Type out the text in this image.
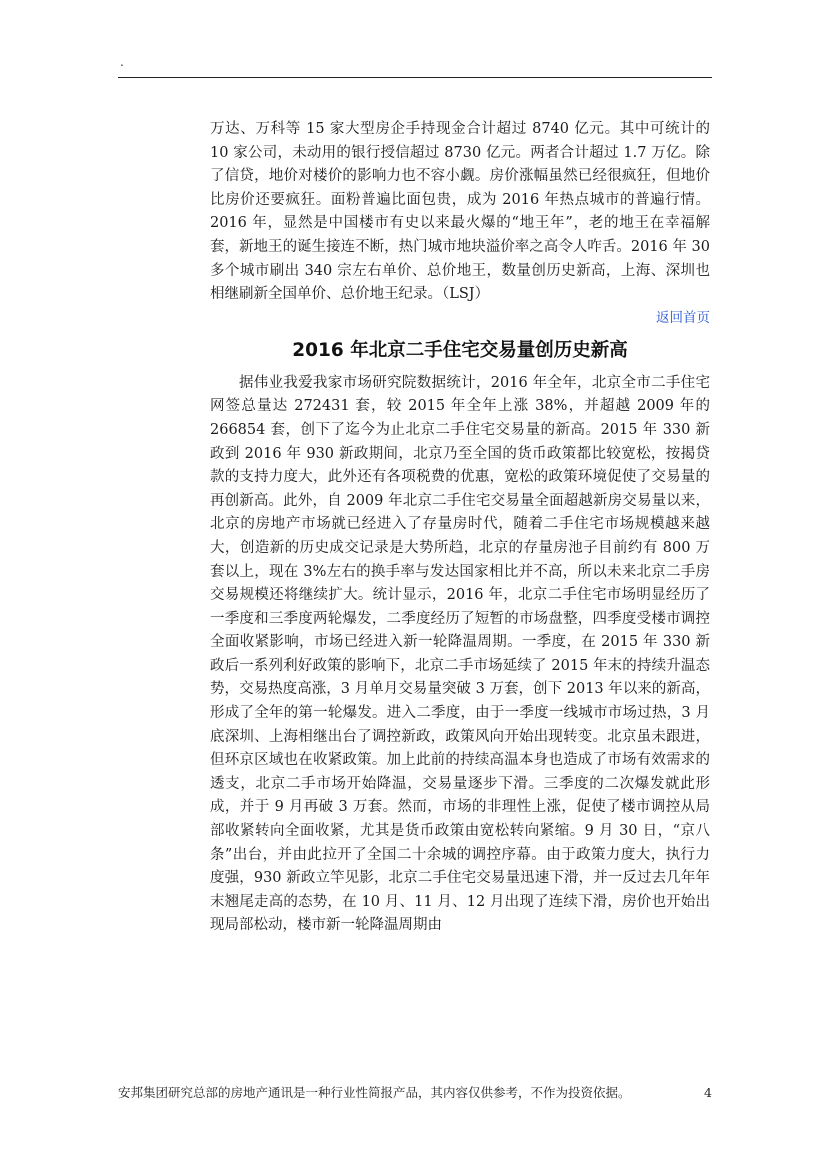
.

万达、万科等 15 家大型房企手持现金合计超过 8740 亿元。其中可统计的 10 家公司，未动用的银行授信超过 8730 亿元。两者合计超过 1.7 万亿。除了信贷，地价对楼价的影响力也不容小觑。房价涨幅虽然已经很疯狂，但地价比房价还要疯狂。面粉普遍比面包贵，成为 2016 年热点城市的普遍行情。2016 年，显然是中国楼市有史以来最火爆的“地王年”，老的地王在幸福解套，新地王的诞生接连不断，热门城市地块溢价率之高令人咋舌。2016 年 30 多个城市刷出 340 宗左右单价、总价地王，数量创历史新高，上海、深圳也相继刷新全国单价、总价地王纪录。（LSJ）

返回首页
2016 年北京二手住宅交易量创历史新高

据伟业我爱我家市场研究院数据统计，2016 年全年，北京全市二手住宅网签总量达 272431 套，较 2015 年全年上涨 38%，并超越 2009 年的 266854 套，创下了迄今为止北京二手住宅交易量的新高。2015 年 330 新政到 2016 年 930 新政期间，北京乃至全国的货币政策都比较宽松，按揭贷款的支持力度大，此外还有各项税费的优惠，宽松的政策环境促使了交易量的再创新高。此外，自 2009 年北京二手住宅交易量全面超越新房交易量以来，北京的房地产市场就已经进入了存量房时代，随着二手住宅市场规模越来越大，创造新的历史成交记录是大势所趋，北京的存量房池子目前约有 800 万套以上，现在 3%左右的换手率与发达国家相比并不高，所以未来北京二手房交易规模还将继续扩大。统计显示，2016 年，北京二手住宅市场明显经历了一季度和三季度两轮爆发，二季度经历了短暂的市场盘整，四季度受楼市调控全面收紧影响，市场已经进入新一轮降温周期。一季度，在 2015 年 330 新政后一系列利好政策的影响下，北京二手市场延续了 2015 年末的持续升温态势，交易热度高涨，3 月单月交易量突破 3 万套，创下 2013 年以来的新高，形成了全年的第一轮爆发。进入二季度，由于一季度一线城市市场过热，3 月底深圳、上海相继出台了调控新政，政策风向开始出现转变。北京虽未跟进，但环京区域也在收紧政策。加上此前的持续高温本身也造成了市场有效需求的透支，北京二手市场开始降温，交易量逐步下滑。三季度的二次爆发就此形成，并于 9 月再破 3 万套。然而，市场的非理性上涨，促使了楼市调控从局部收紧转向全面收紧，尤其是货币政策由宽松转向紧缩。9 月 30 日，“京八条”出台，并由此拉开了全国二十余城的调控序幕。由于政策力度大，执行力度强，930 新政立竿见影，北京二手住宅交易量迅速下滑，并一反过去几年年末翘尾走高的态势，在 10 月、11 月、12 月出现了连续下滑，房价也开始出现局部松动，楼市新一轮降温周期由

安邦集团研究总部的房地产通讯是一种行业性简报产品，其内容仅供参考，不作为投资依据。	4
